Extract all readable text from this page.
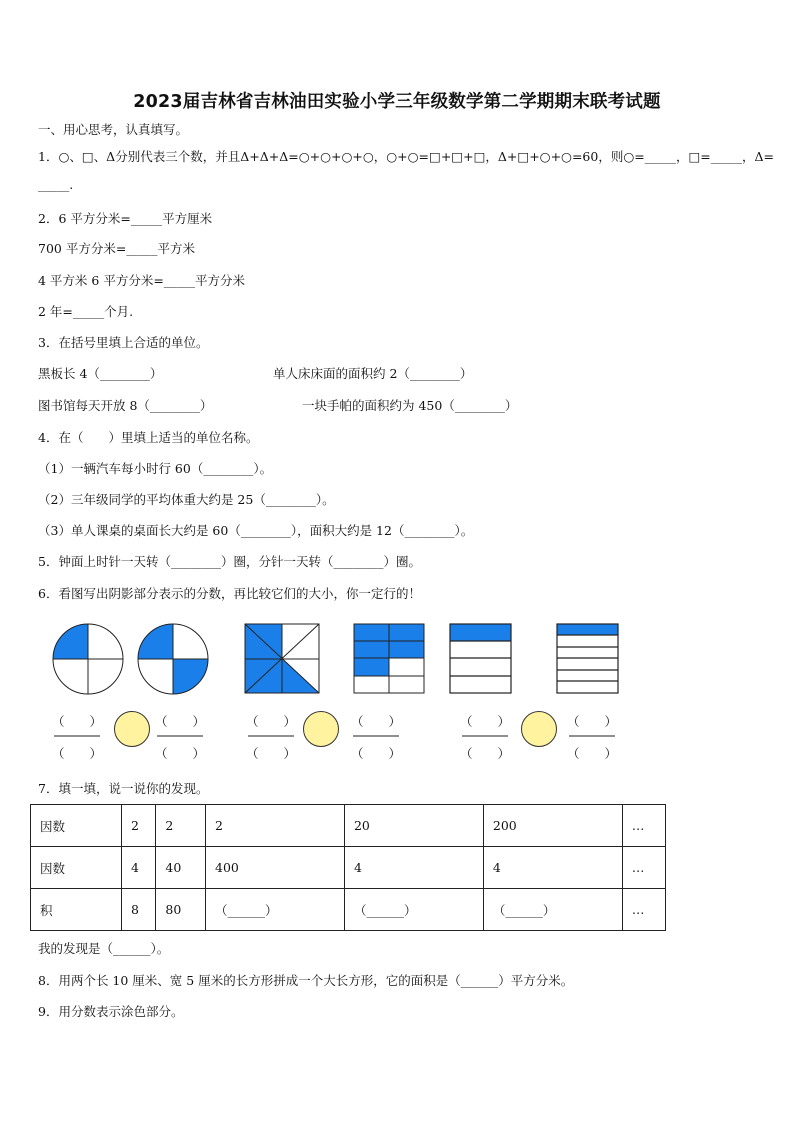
2023届吉林省吉林油田实验小学三年级数学第二学期期末联考试题
一、用心思考，认真填写。
1．○、□、Δ分别代表三个数，并且Δ+Δ+Δ=○+○+○+○，○+○=□+□+□，Δ+□+○+○=60，则○=_____，□=_____，Δ=
_____.
2．6 平方分米=_____平方厘米
700 平方分米=_____平方米
4 平方米 6 平方分米=_____平方分米
2 年=_____个月.
3．在括号里填上合适的单位。
黑板长 4（________）	单人床床面的面积约 2（________）
图书馆每天开放 8（________）	一块手帕的面积约为 450（________）
4．在（　　）里填上适当的单位名称。
（1）一辆汽车每小时行 60（________）。
（2）三年级同学的平均体重大约是 25（________）。
（3）单人课桌的桌面长大约是 60（________），面积大约是 12（________）。
5．钟面上时针一天转（________）圈，分针一天转（________）圈。
6．看图写出阴影部分表示的分数，再比较它们的大小，你一定行的！
（　　）
（　　）
（　　）
（　　）
（　　）
（　　）
（　　）
（　　）
（　　）
（　　）
（　　）
（　　）
7．填一填，说一说你的发现。
因数	2	2	2	20	200	…
因数	4	40	400	4	4	…
积	8	80	（______）	（______）	（______）	…
我的发现是（______）。
8．用两个长 10 厘米、宽 5 厘米的长方形拼成一个大长方形，它的面积是（______）平方分米。
9．用分数表示涂色部分。
